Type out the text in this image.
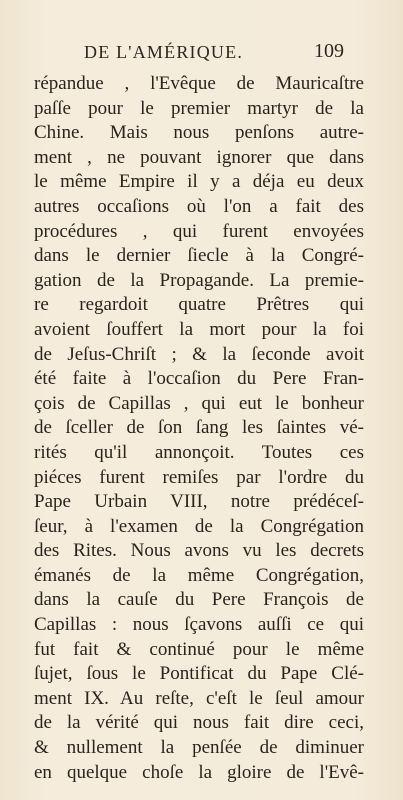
DE L'AMÉRIQUE.	109
répandue , l'Evêque de Mauricaſtre
paſſe pour le premier martyr de la
Chine. Mais nous penſons autre-
ment , ne pouvant ignorer que dans
le même Empire il y a déja eu deux
autres occaſions où l'on a fait des
procédures , qui furent envoyées
dans le dernier ſiecle à la Congré-
gation de la Propagande. La premie-
re regardoit quatre Prêtres qui
avoient ſouffert la mort pour la foi
de Jeſus-Chriſt ; & la ſeconde avoit
été faite à l'occaſion du Pere Fran-
çois de Capillas , qui eut le bonheur
de ſceller de ſon ſang les ſaintes vé-
rités qu'il annonçoit. Toutes ces
piéces furent remiſes par l'ordre du
Pape Urbain VIII, notre prédéceſ-
ſeur, à l'examen de la Congrégation
des Rites. Nous avons vu les decrets
émanés de la même Congrégation,
dans la cauſe du Pere François de
Capillas : nous ſçavons auſſi ce qui
fut fait & continué pour le même
ſujet, ſous le Pontificat du Pape Clé-
ment IX. Au reſte, c'eſt le ſeul amour
de la vérité qui nous fait dire ceci,
& nullement la penſée de diminuer
en quelque choſe la gloire de l'Evê-
